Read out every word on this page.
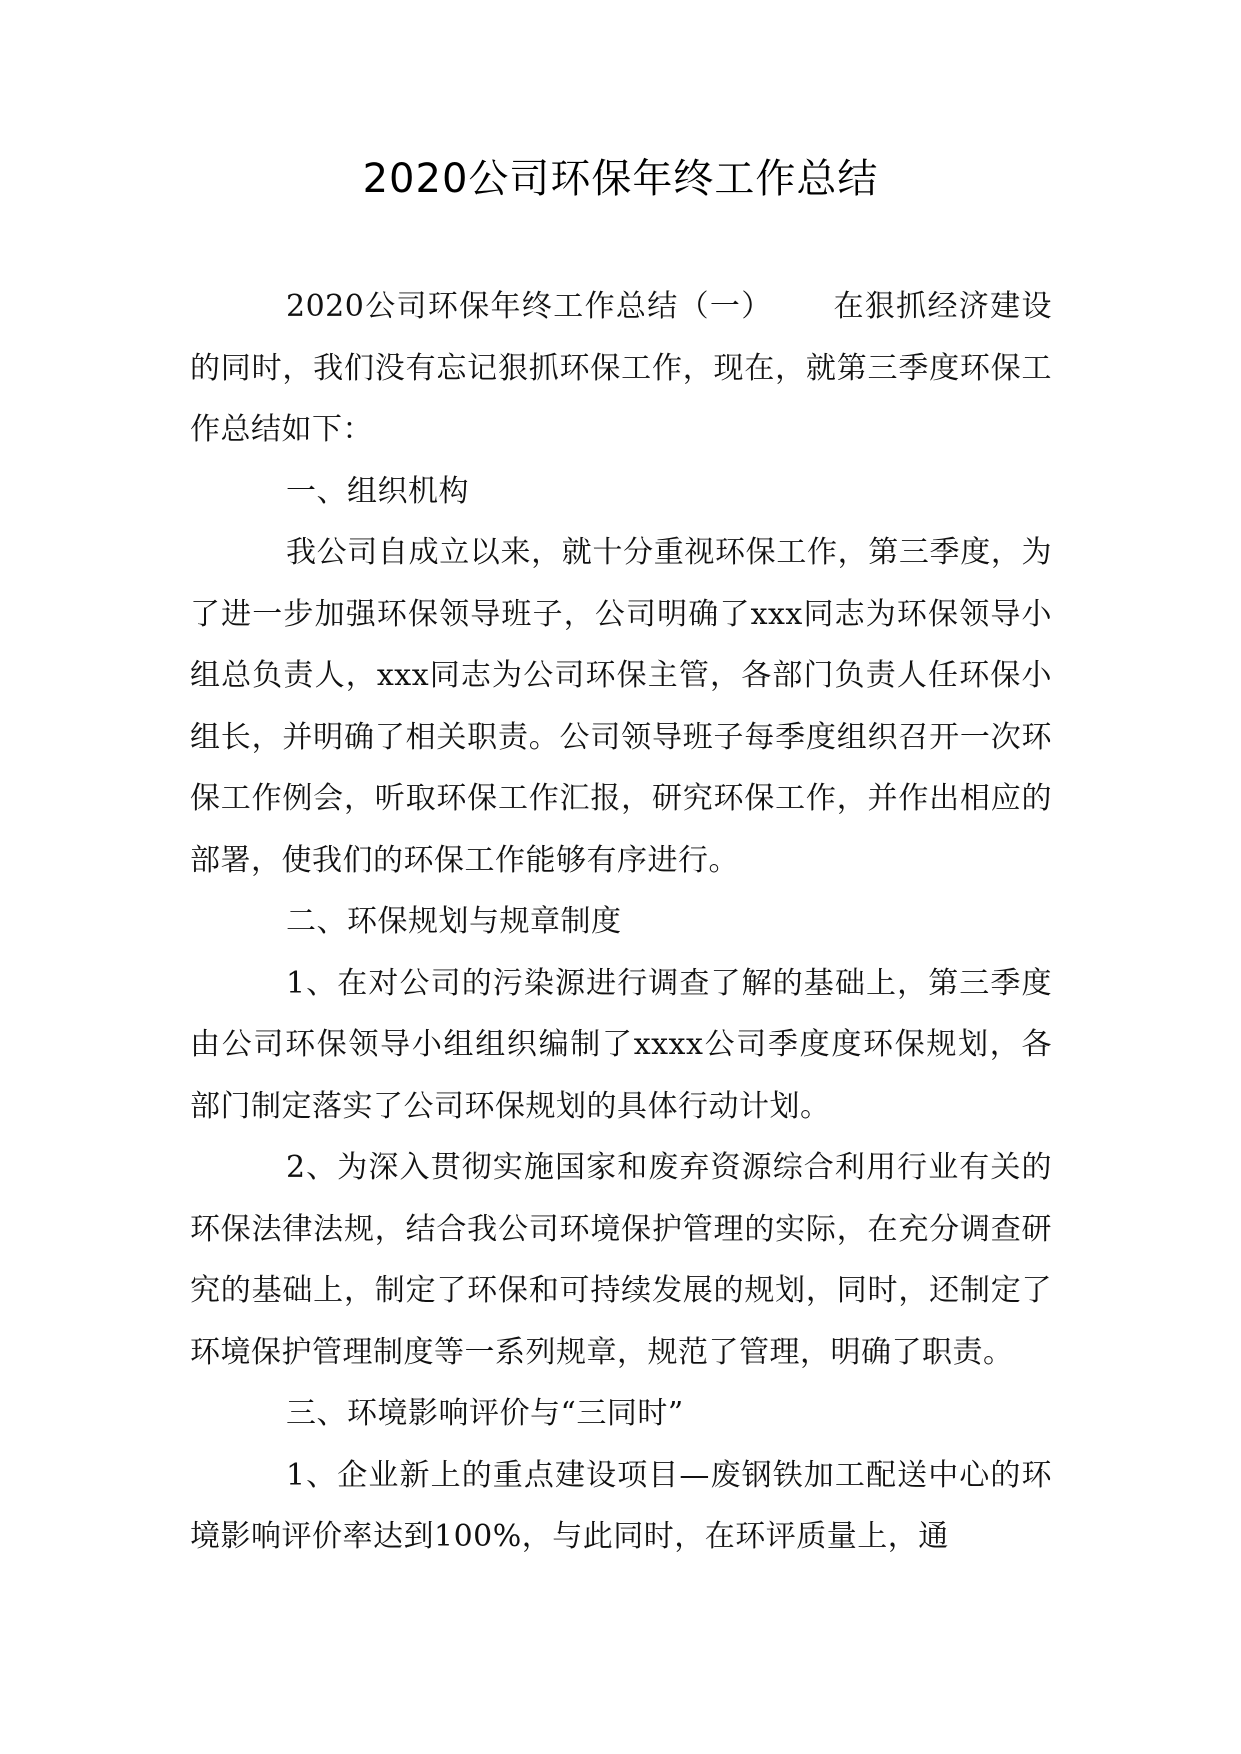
2020公司环保年终工作总结

2020公司环保年终工作总结（一） 在狠抓经济建设的同时，我们没有忘记狠抓环保工作，现在，就第三季度环保工作总结如下：

一、组织机构

我公司自成立以来，就十分重视环保工作，第三季度，为了进一步加强环保领导班子，公司明确了xxx同志为环保领导小组总负责人，xxx同志为公司环保主管，各部门负责人任环保小组长，并明确了相关职责。公司领导班子每季度组织召开一次环保工作例会，听取环保工作汇报，研究环保工作，并作出相应的部署，使我们的环保工作能够有序进行。

二、环保规划与规章制度

1、在对公司的污染源进行调查了解的基础上，第三季度由公司环保领导小组组织编制了xxxx公司季度度环保规划，各部门制定落实了公司环保规划的具体行动计划。

2、为深入贯彻实施国家和废弃资源综合利用行业有关的环保法律法规，结合我公司环境保护管理的实际，在充分调查研究的基础上，制定了环保和可持续发展的规划，同时，还制定了环境保护管理制度等一系列规章，规范了管理，明确了职责。

三、环境影响评价与“三同时”

1、企业新上的重点建设项目—废钢铁加工配送中心的环境影响评价率达到100%，与此同时，在环评质量上，通
